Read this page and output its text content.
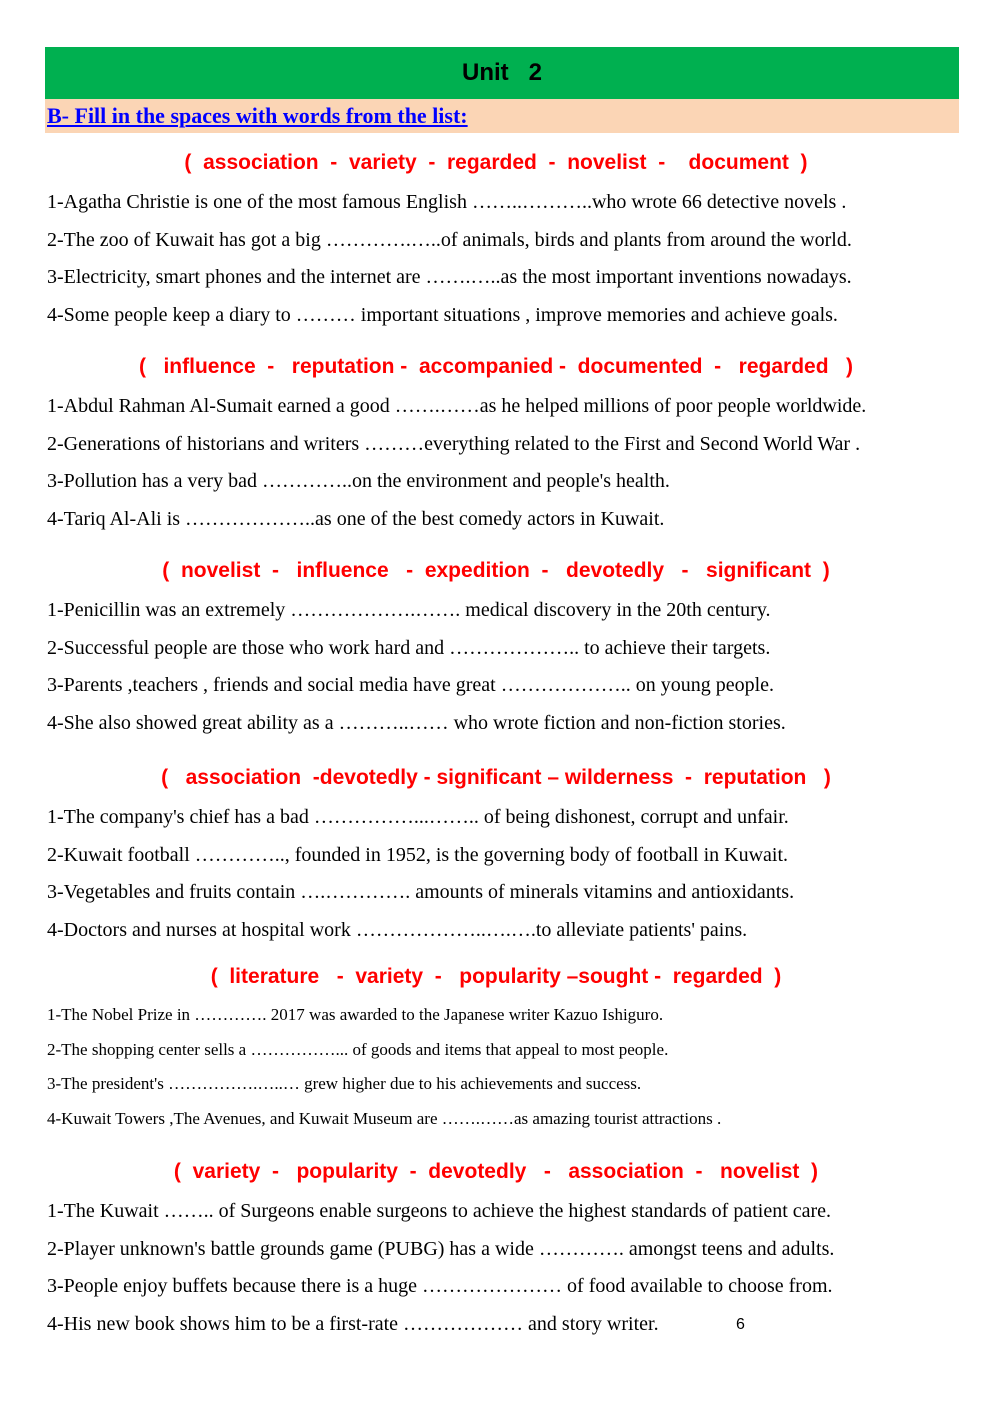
Unit   2
B- Fill in the spaces with words from the list:
(  association  -  variety  -  regarded  -  novelist  -    document  )
1-Agatha Christie is one of the most famous English ……..………..who wrote 66 detective novels .
2-The zoo of Kuwait has got a big ………….…..of animals, birds and plants from around the world.
3-Electricity, smart phones and the internet are …….…..as the most important inventions nowadays.
4-Some people keep a diary to ……… important situations , improve memories and achieve goals.
(   influence  -   reputation -  accompanied -  documented  -   regarded   )
1-Abdul Rahman Al-Sumait earned a good …….……as he helped millions of poor people worldwide.
2-Generations of historians and writers ………everything related to the First and Second World War .
3-Pollution has a very bad …………..on the environment and people's health.
4-Tariq Al-Ali is ………………..as one of the best comedy actors in Kuwait.
(  novelist  -   influence   -  expedition  -   devotedly   -   significant  )
1-Penicillin was an extremely ……………….……. medical discovery in the 20th century.
2-Successful people are those who work hard and ……………….. to achieve their targets.
3-Parents ,teachers , friends and social media have great ……………….. on young people.
4-She also showed great ability as a ………..…… who wrote fiction and non-fiction stories.
(   association  -devotedly - significant – wilderness  -  reputation   )
1-The company's chief has a bad ……………...…….. of being dishonest, corrupt and unfair.
2-Kuwait football ………….., founded in 1952, is the governing body of football in Kuwait.
3-Vegetables and fruits contain ….…………. amounts of minerals vitamins and antioxidants.
4-Doctors and nurses at hospital work ………………..….….to alleviate patients' pains.
(  literature   -  variety  -   popularity –sought -  regarded  )
1-The Nobel Prize in …………. 2017 was awarded to the Japanese writer Kazuo Ishiguro.
2-The shopping center sells a ……………... of goods and items that appeal to most people.
3-The president's …………….…..… grew higher due to his achievements and success.
4-Kuwait Towers ,The Avenues, and Kuwait Museum are …….……as amazing tourist attractions .
(  variety  -   popularity  -  devotedly   -   association  -   novelist  )
1-The Kuwait …….. of Surgeons enable surgeons to achieve the highest standards of patient care.
2-Player unknown's battle grounds game (PUBG) has a wide …………. amongst teens and adults.
3-People enjoy buffets because there is a huge ………………… of food available to choose from.
4-His new book shows him to be a first-rate ……………… and story writer.	6
